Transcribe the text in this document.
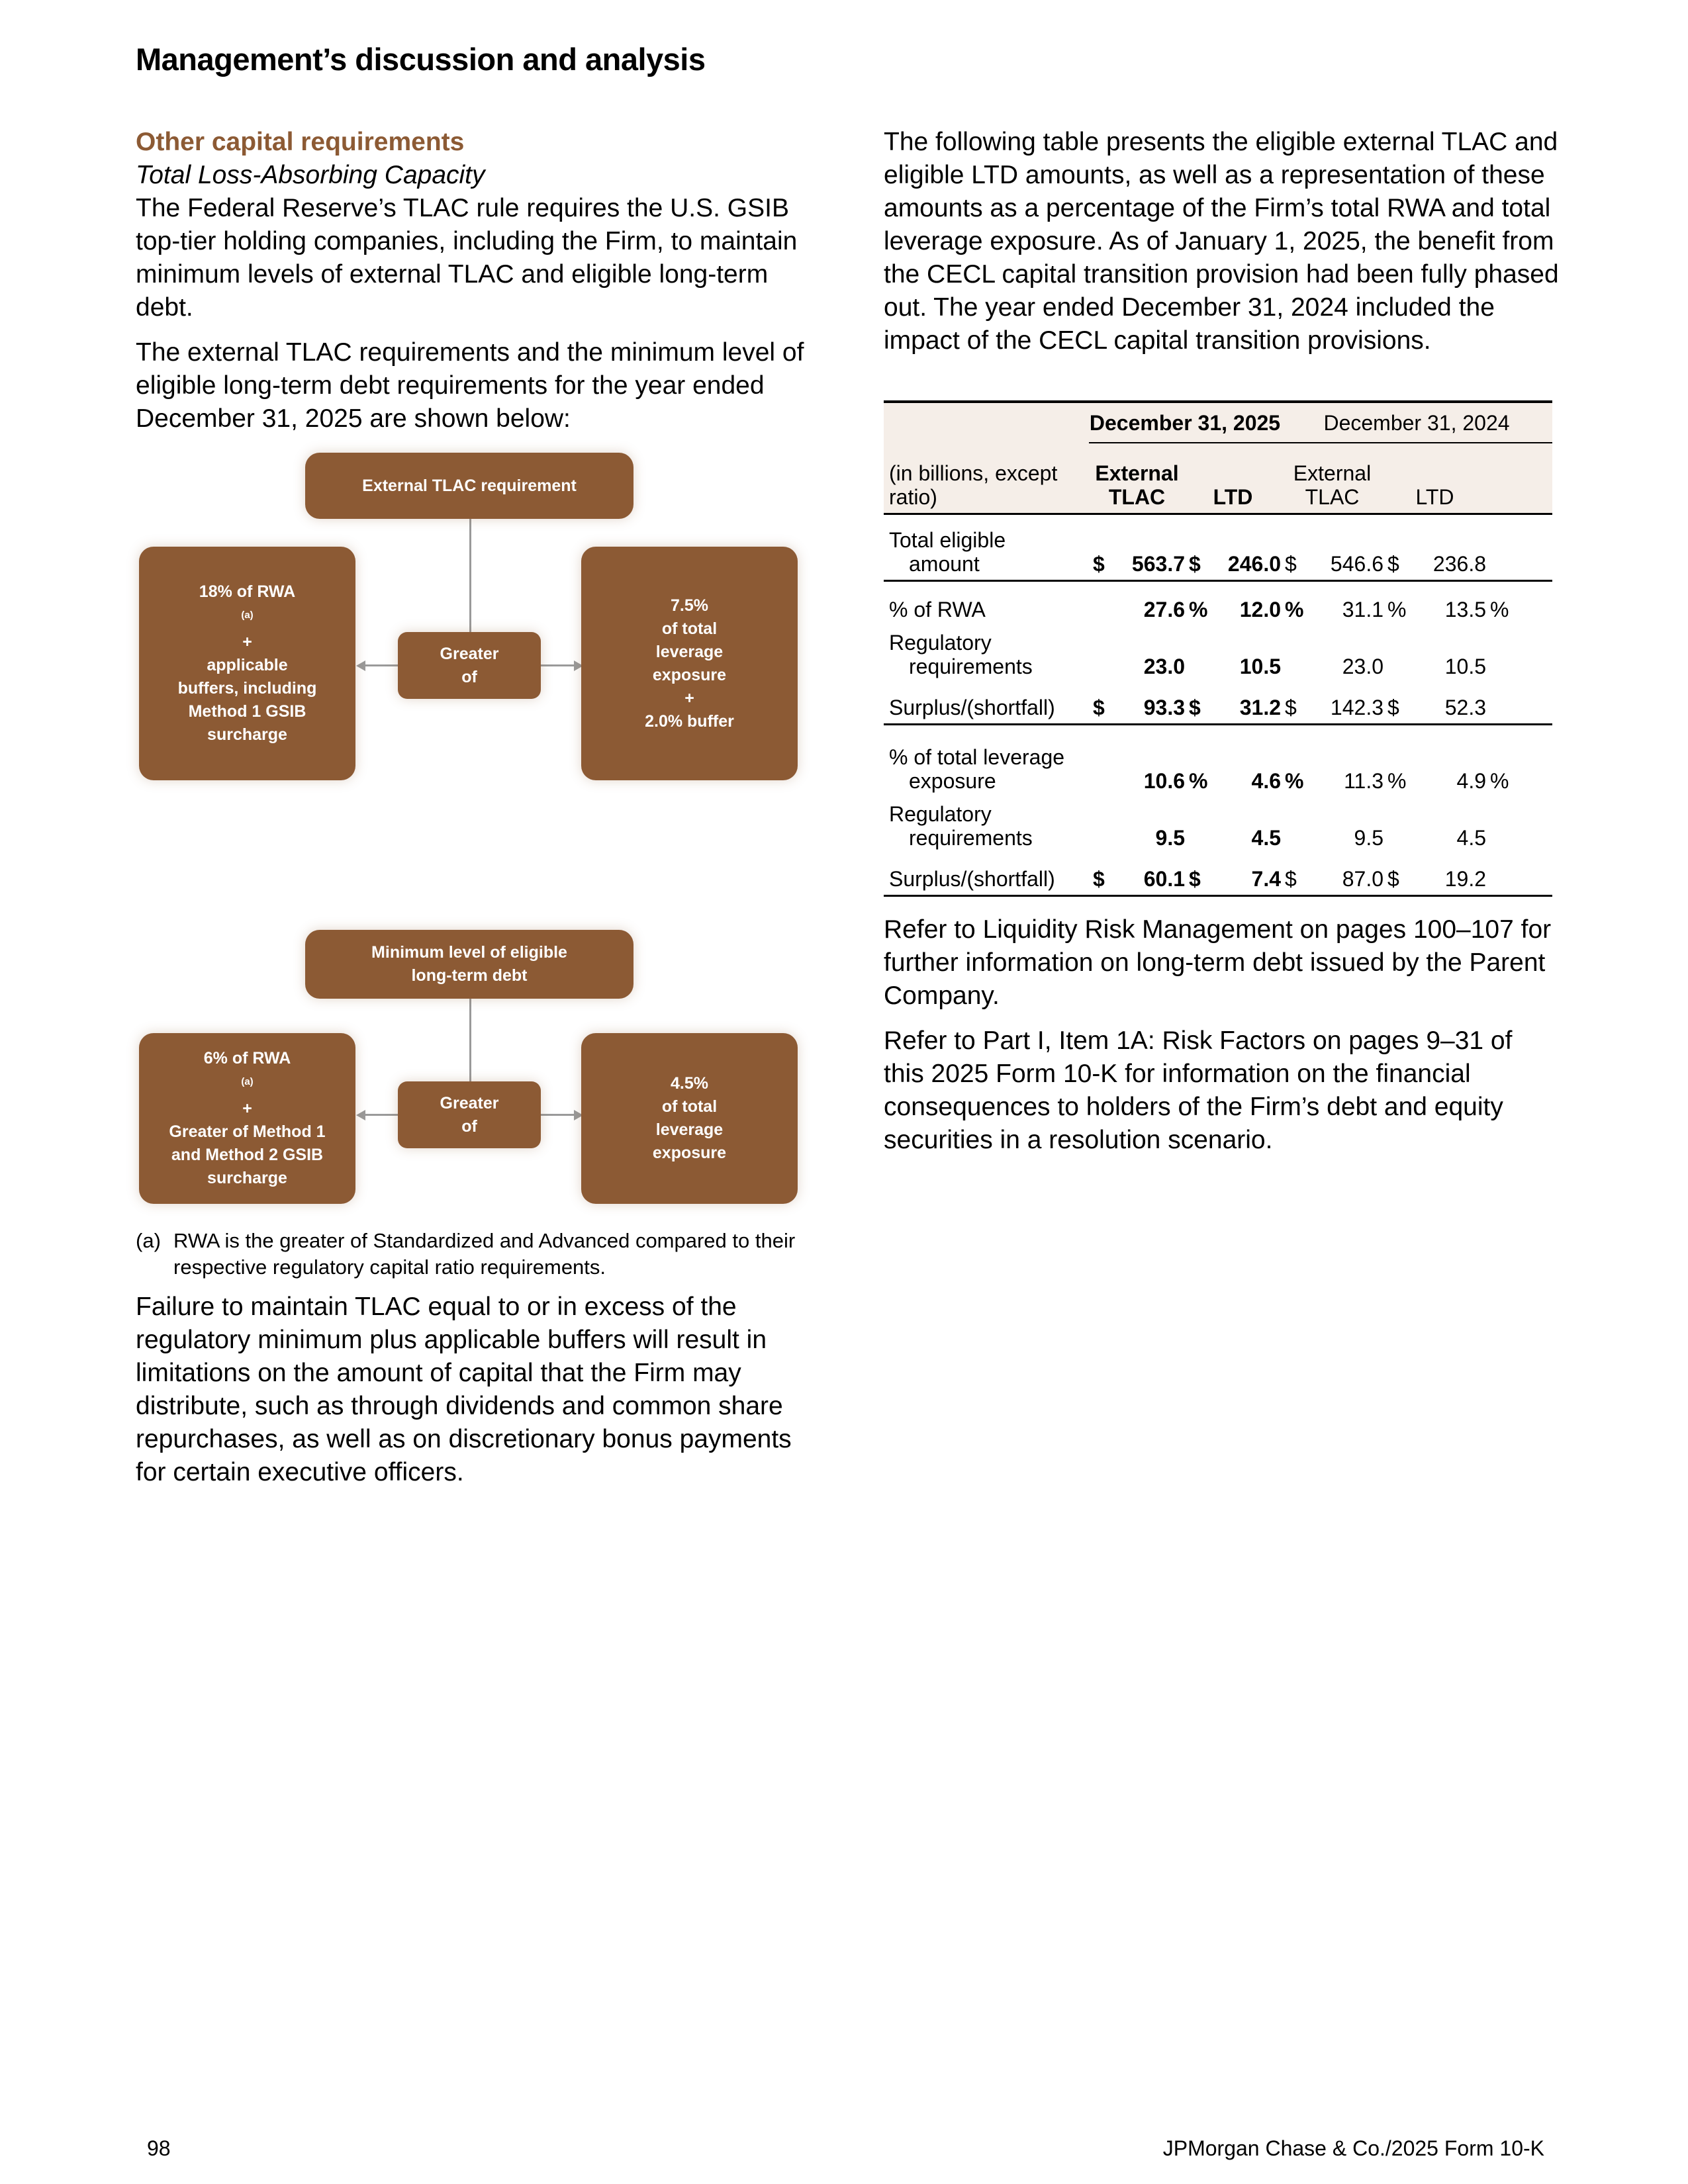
Management’s discussion and analysis
Other capital requirements
Total Loss-Absorbing Capacity

The Federal Reserve’s TLAC rule requires the U.S. GSIB top-tier holding companies, including the Firm, to maintain minimum levels of external TLAC and eligible long-term debt.

The external TLAC requirements and the minimum level of eligible long-term debt requirements for the year ended December 31, 2025 are shown below:

External TLAC requirement
18% of RWA
$^{(a)}$
+
applicable
buffers, including
Method 1 GSIB
surcharge
Greater
of
7.5%
of total
leverage
exposure
+
2.0% buffer
Minimum level of eligible
long-term debt
6% of RWA
$^{(a)}$
+
Greater of Method 1
and Method 2 GSIB
surcharge
Greater
of
4.5%
of total
leverage
exposure
(a) RWA is the greater of Standardized and Advanced compared to their respective regulatory capital ratio requirements.

Failure to maintain TLAC equal to or in excess of the regulatory minimum plus applicable buffers will result in limitations on the amount of capital that the Firm may distribute, such as through dividends and common share repurchases, as well as on discretionary bonus payments for certain executive officers.

The following table presents the eligible external TLAC and eligible LTD amounts, as well as a representation of these amounts as a percentage of the Firm’s total RWA and total leverage exposure. As of January 1, 2025, the benefit from the CECL capital transition provision had been fully phased out. The year ended December 31, 2024 included the impact of the CECL capital transition provisions.

	December 31, 2025				December 31, 2024				

(in billions, except
ratio)	External
TLAC		LTD		External
TLAC		LTD		

Total eligible
amount	$	563.7	$	246.0	$	546.6	$	236.8	
% of RWA		27.6	%	12.0	%	31.1	%	13.5	%

Regulatory
requirements		23.0		10.5		23.0		10.5	
Surplus/(shortfall)	$	93.3	$	31.2	$	142.3	$	52.3	

% of total leverage
exposure		10.6	%	4.6	%	11.3	%	4.9	%

Regulatory
requirements		9.5		4.5		9.5		4.5	
Surplus/(shortfall)	$	60.1	$	7.4	$	87.0	$	19.2	

Refer to Liquidity Risk Management on pages 100–107 for further information on long-term debt issued by the Parent Company.

Refer to Part I, Item 1A: Risk Factors on pages 9–31 of this 2025 Form 10-K for information on the financial consequences to holders of the Firm’s debt and equity securities in a resolution scenario.

98	JPMorgan Chase & Co./2025 Form 10-K
